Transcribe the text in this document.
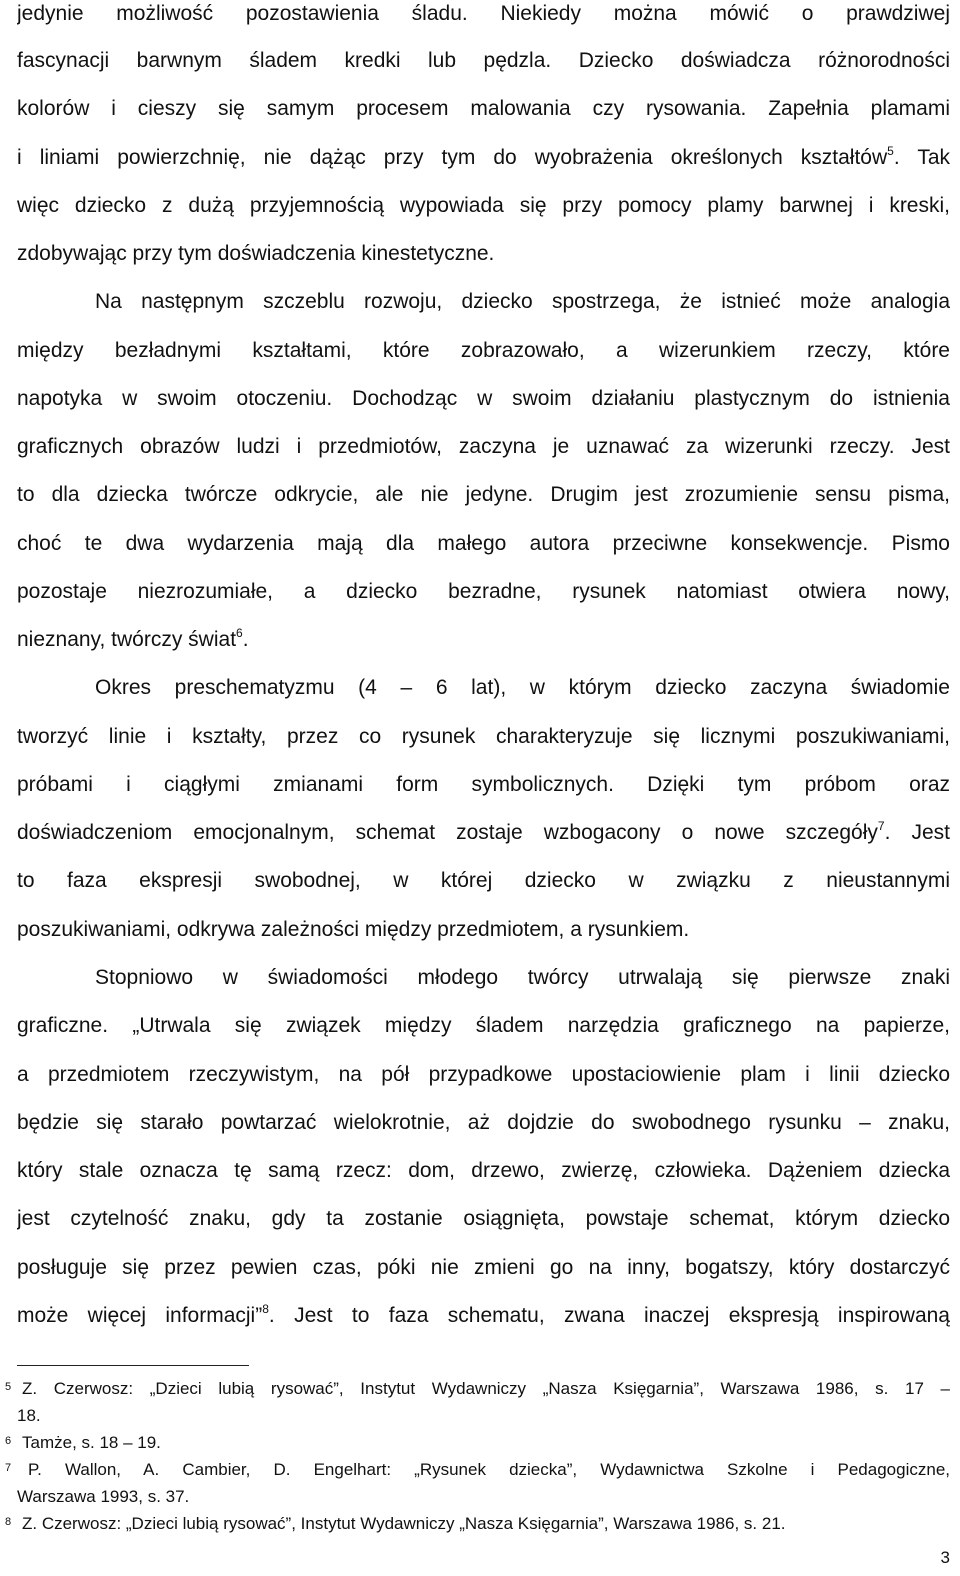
jedynie możliwość pozostawienia śladu. Niekiedy można mówić o prawdziwej
fascynacji barwnym śladem kredki lub pędzla. Dziecko doświadcza różnorodności
kolorów i cieszy się samym procesem malowania czy rysowania. Zapełnia plamami
i liniami powierzchnię, nie dążąc przy tym do wyobrażenia określonych kształtów$^5$. Tak
więc dziecko z dużą przyjemnością wypowiada się przy pomocy plamy barwnej i kreski,
zdobywając przy tym doświadczenia kinestetyczne.
Na następnym szczeblu rozwoju, dziecko spostrzega, że istnieć może analogia
między bezładnymi kształtami, które zobrazowało, a wizerunkiem rzeczy, które
napotyka w swoim otoczeniu. Dochodząc w swoim działaniu plastycznym do istnienia
graficznych obrazów ludzi i przedmiotów, zaczyna je uznawać za wizerunki rzeczy. Jest
to dla dziecka twórcze odkrycie, ale nie jedyne. Drugim jest zrozumienie sensu pisma,
choć te dwa wydarzenia mają dla małego autora przeciwne konsekwencje. Pismo
pozostaje niezrozumiałe, a dziecko bezradne, rysunek natomiast otwiera nowy,
nieznany, twórczy świat$^6$.
Okres preschematyzmu (4 – 6 lat), w którym dziecko zaczyna świadomie
tworzyć linie i kształty, przez co rysunek charakteryzuje się licznymi poszukiwaniami,
próbami i ciągłymi zmianami form symbolicznych. Dzięki tym próbom oraz
doświadczeniom emocjonalnym, schemat zostaje wzbogacony o nowe szczegóły$^7$. Jest
to faza ekspresji swobodnej, w której dziecko w związku z nieustannymi
poszukiwaniami, odkrywa zależności między przedmiotem, a rysunkiem.
Stopniowo w świadomości młodego twórcy utrwalają się pierwsze znaki
graficzne. „Utrwala się związek między śladem narzędzia graficznego na papierze,
a przedmiotem rzeczywistym, na pół przypadkowe upostaciowienie plam i linii dziecko
będzie się starało powtarzać wielokrotnie, aż dojdzie do swobodnego rysunku – znaku,
który stale oznacza tę samą rzecz: dom, drzewo, zwierzę, człowieka. Dążeniem dziecka
jest czytelność znaku, gdy ta zostanie osiągnięta, powstaje schemat, którym dziecko
posługuje się przez pewien czas, póki nie zmieni go na inny, bogatszy, który dostarczyć
może więcej informacji”$^8$. Jest to faza schematu, zwana inaczej ekspresją inspirowaną
5 Z. Czerwosz: „Dzieci lubią rysować”, Instytut Wydawniczy „Nasza Księgarnia”, Warszawa 1986, s. 17 –
18.
6 Tamże, s. 18 – 19.
7 P. Wallon, A. Cambier, D. Engelhart: „Rysunek dziecka”, Wydawnictwa Szkolne i Pedagogiczne,
Warszawa 1993, s. 37.
8 Z. Czerwosz: „Dzieci lubią rysować”, Instytut Wydawniczy „Nasza Księgarnia”, Warszawa 1986, s. 21.
3
